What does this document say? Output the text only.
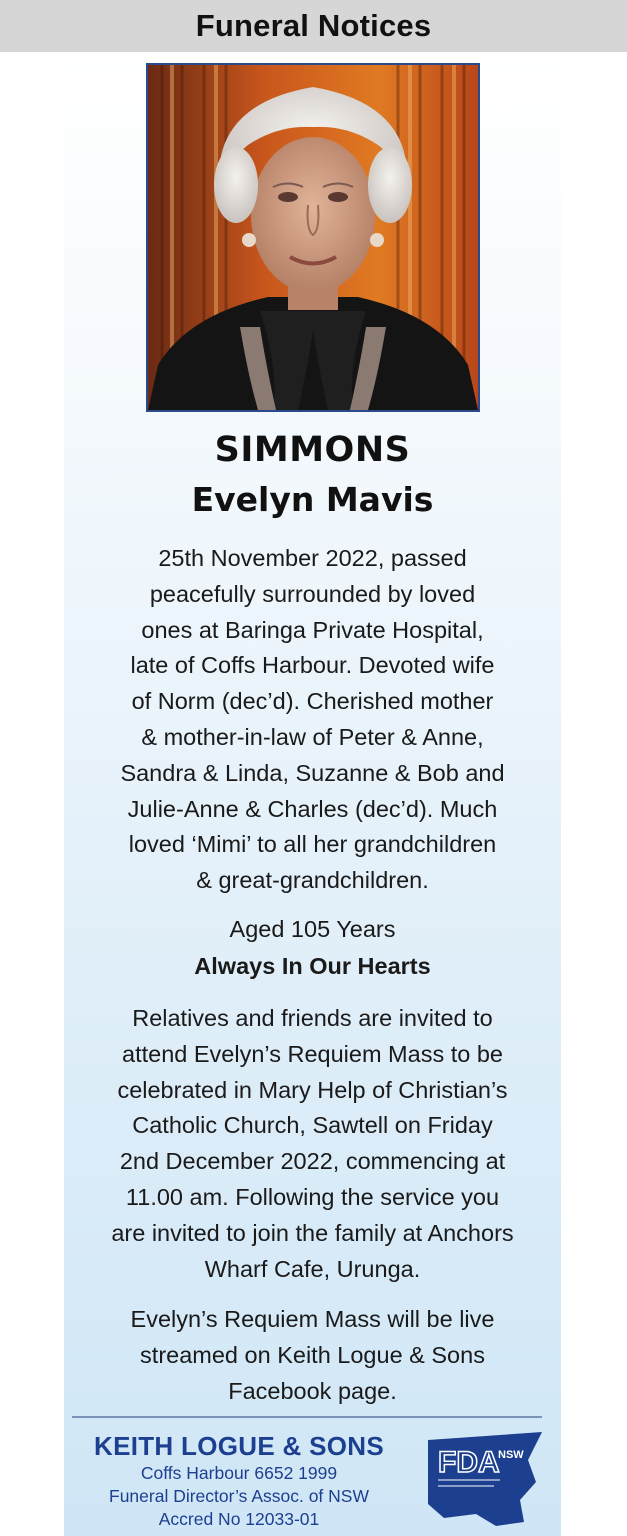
Funeral Notices
SIMMONS
Evelyn Mavis
25th November 2022, passed
peacefully surrounded by loved
ones at Baringa Private Hospital,
late of Coffs Harbour. Devoted wife
of Norm (dec’d). Cherished mother
& mother-in-law of Peter & Anne,
Sandra & Linda, Suzanne & Bob and
Julie-Anne & Charles (dec’d). Much
loved ‘Mimi’ to all her grandchildren
& great-grandchildren.
Aged 105 Years
Always In Our Hearts
Relatives and friends are invited to
attend Evelyn’s Requiem Mass to be
celebrated in Mary Help of Christian’s
Catholic Church, Sawtell on Friday
2nd December 2022, commencing at
11.00 am. Following the service you
are invited to join the family at Anchors
Wharf Cafe, Urunga.
Evelyn’s Requiem Mass will be live
streamed on Keith Logue & Sons
Facebook page.
KEITH LOGUE & SONS
Coffs Harbour 6652 1999
Funeral Director’s Assoc. of NSW
Accred No 12033-01
FDA
NSW
